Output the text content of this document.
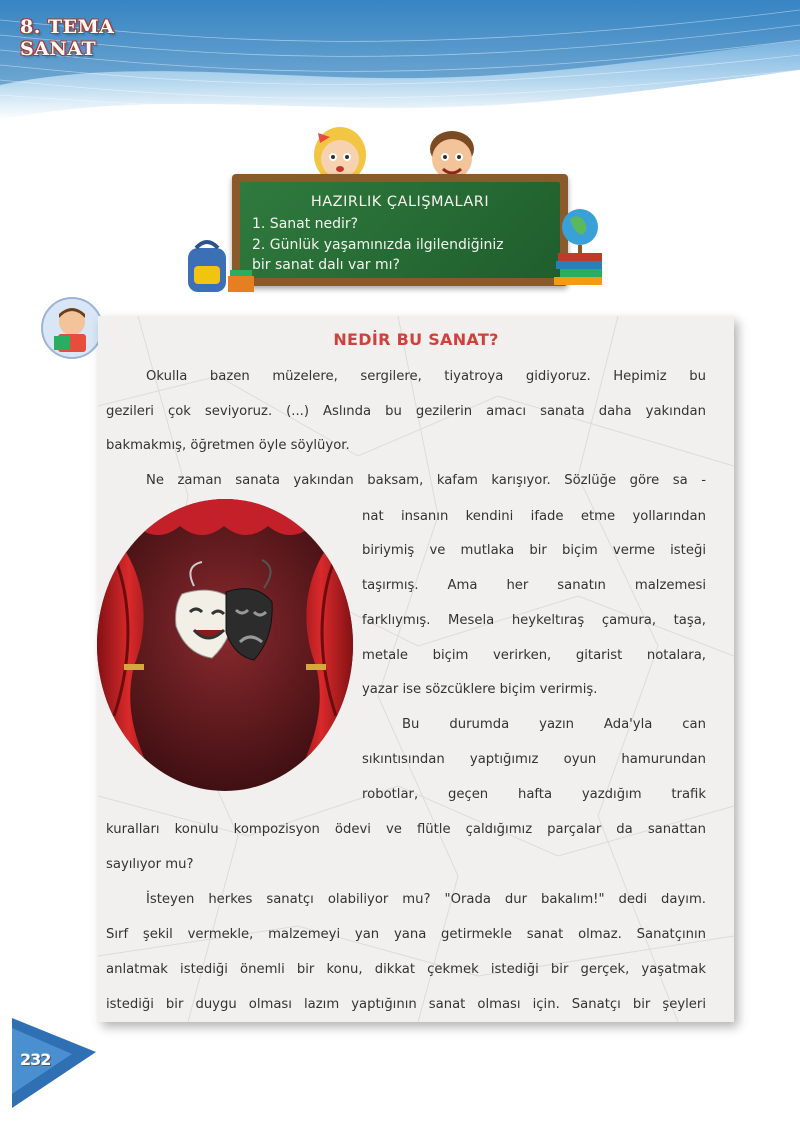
8. TEMA
SANAT
HAZIRLIK ÇALIŞMALARI
1. Sanat nedir?
2. Günlük yaşamınızda ilgilendiğiniz
bir sanat dalı var mı?
NEDİR BU SANAT?
Okulla bazen müzelere, sergilere, tiyatroya gidiyoruz. Hepimiz bu
gezileri çok seviyoruz. (...) Aslında bu gezilerin amacı sanata daha yakından
bakmakmış, öğretmen öyle söylüyor.
Ne zaman sanata yakından baksam, kafam karışıyor. Sözlüğe göre sa -
nat insanın kendini ifade etme yollarından
biriymiş ve mutlaka bir biçim verme isteği
taşırmış. Ama her sanatın malzemesi
farklıymış. Mesela heykeltıraş çamura, taşa,
metale biçim verirken, gitarist notalara,
yazar ise sözcüklere biçim verirmiş.
Bu durumda yazın Ada'yla can
sıkıntısından yaptığımız oyun hamurundan
robotlar, geçen hafta yazdığım trafik
kuralları konulu kompozisyon ödevi ve flütle çaldığımız parçalar da sanattan
sayılıyor mu?
İsteyen herkes sanatçı olabiliyor mu? "Orada dur bakalım!" dedi dayım.
Sırf şekil vermekle, malzemeyi yan yana getirmekle sanat olmaz. Sanatçının
anlatmak istediği önemli bir konu, dikkat çekmek istediği bir gerçek, yaşatmak
istediği bir duygu olması lazım yaptığının sanat olması için. Sanatçı bir şeyleri
232
